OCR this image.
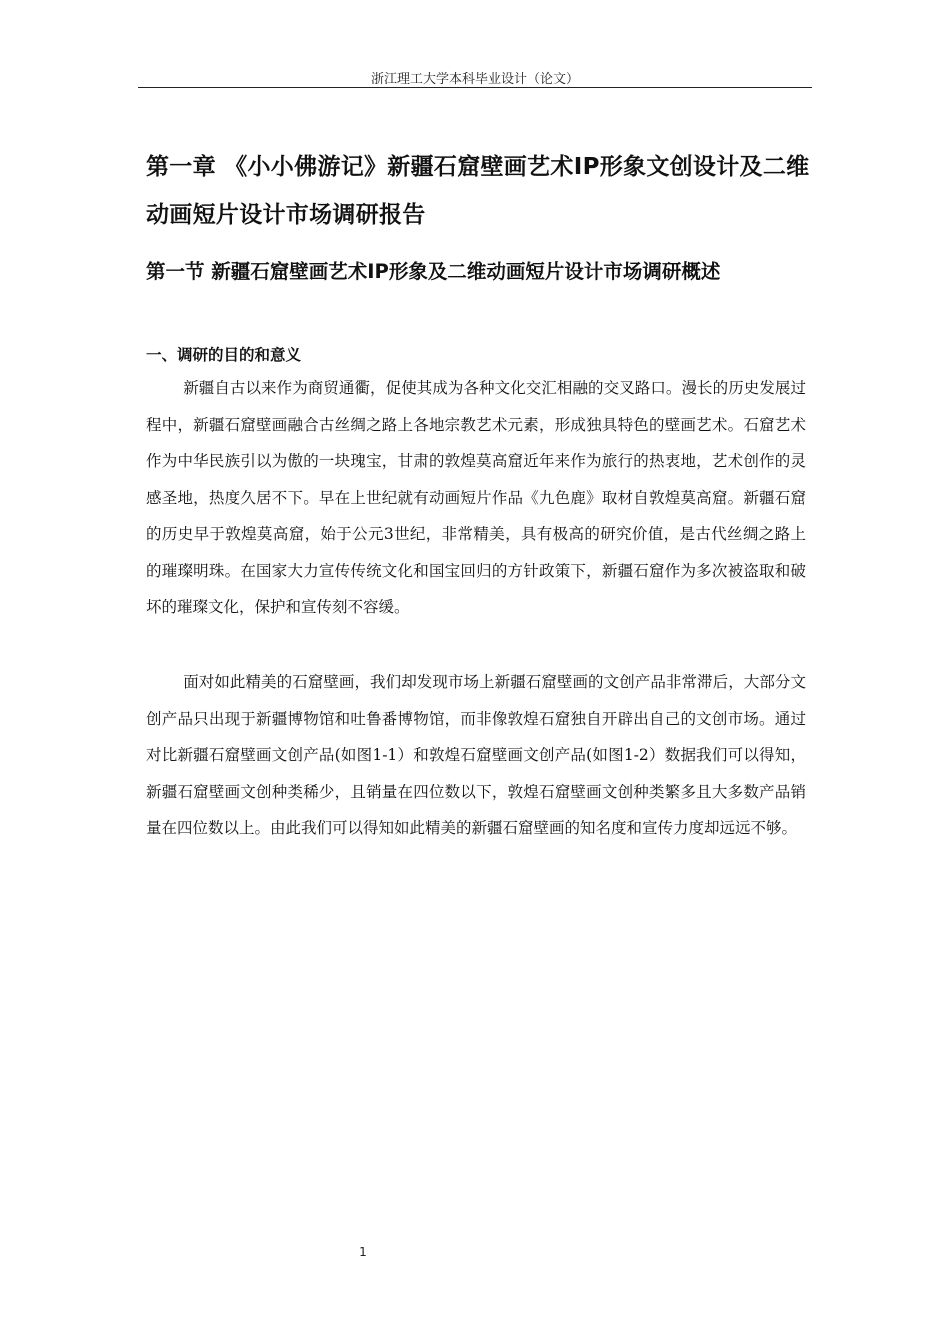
浙江理工大学本科毕业设计（论文）
第一章 《小小佛游记》新疆石窟壁画艺术IP形象文创设计及二维动画短片设计市场调研报告
第一节 新疆石窟壁画艺术IP形象及二维动画短片设计市场调研概述
一、调研的目的和意义

新疆自古以来作为商贸通衢，促使其成为各种文化交汇相融的交叉路口。漫长的历史发展过程中，新疆石窟壁画融合古丝绸之路上各地宗教艺术元素，形成独具特色的壁画艺术。石窟艺术作为中华民族引以为傲的一块瑰宝，甘肃的敦煌莫高窟近年来作为旅行的热衷地，艺术创作的灵感圣地，热度久居不下。早在上世纪就有动画短片作品《九色鹿》取材自敦煌莫高窟。新疆石窟的历史早于敦煌莫高窟，始于公元3世纪，非常精美，具有极高的研究价值，是古代丝绸之路上的璀璨明珠。在国家大力宣传传统文化和国宝回归的方针政策下，新疆石窟作为多次被盗取和破坏的璀璨文化，保护和宣传刻不容缓。

面对如此精美的石窟壁画，我们却发现市场上新疆石窟壁画的文创产品非常滞后，大部分文创产品只出现于新疆博物馆和吐鲁番博物馆，而非像敦煌石窟独自开辟出自己的文创市场。通过对比新疆石窟壁画文创产品(如图1-1）和敦煌石窟壁画文创产品(如图1-2）数据我们可以得知，新疆石窟壁画文创种类稀少，且销量在四位数以下，敦煌石窟壁画文创种类繁多且大多数产品销量在四位数以上。由此我们可以得知如此精美的新疆石窟壁画的知名度和宣传力度却远远不够。

1
